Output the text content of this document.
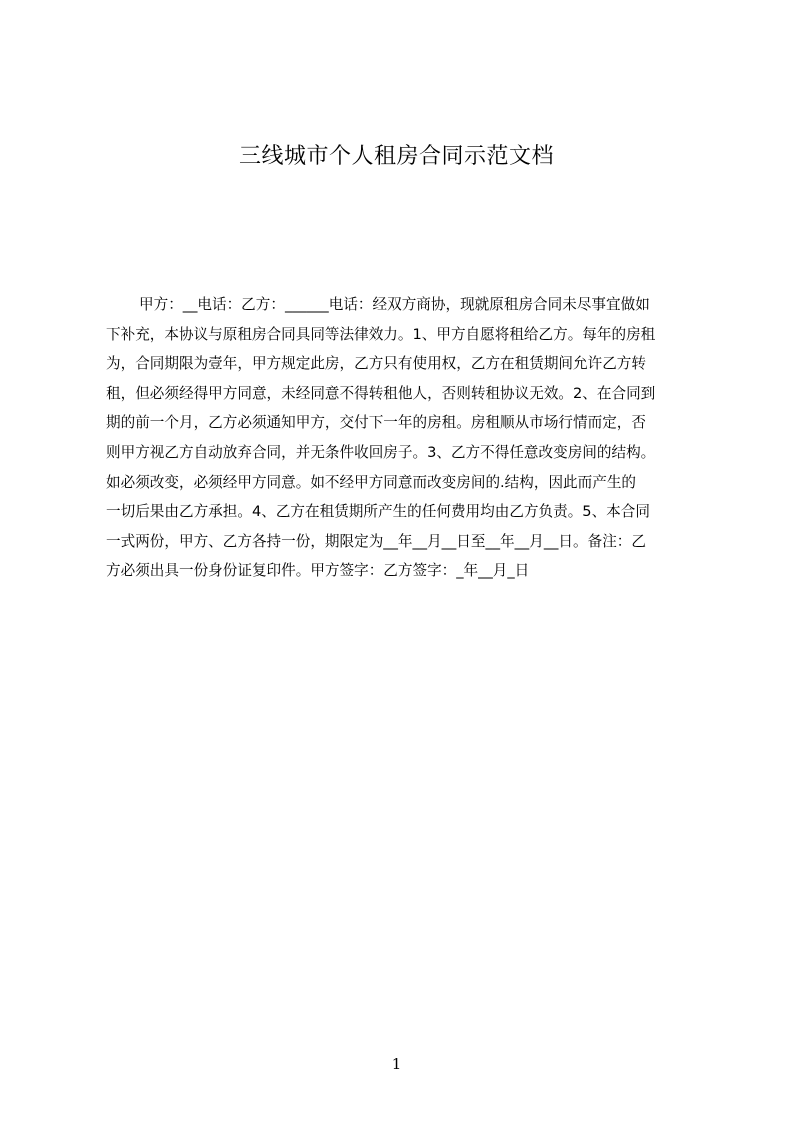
三线城市个人租房合同示范文档
甲方：__电话：乙方：______电话：经双方商协，现就原租房合同未尽事宜做如
下补充，本协议与原租房合同具同等法律效力。1、甲方自愿将租给乙方。每年的房租
为，合同期限为壹年，甲方规定此房，乙方只有使用权，乙方在租赁期间允许乙方转
租，但必须经得甲方同意，未经同意不得转租他人，否则转租协议无效。2、在合同到
期的前一个月，乙方必须通知甲方，交付下一年的房租。房租顺从市场行情而定，否
则甲方视乙方自动放弃合同，并无条件收回房子。3、乙方不得任意改变房间的结构。
如必须改变，必须经甲方同意。如不经甲方同意而改变房间的.结构，因此而产生的
一切后果由乙方承担。4、乙方在租赁期所产生的任何费用均由乙方负责。5、本合同
一式两份，甲方、乙方各持一份，期限定为__年__月__日至__年__月__日。备注：乙
方必须出具一份身份证复印件。甲方签字：乙方签字：_年__月_日
1
